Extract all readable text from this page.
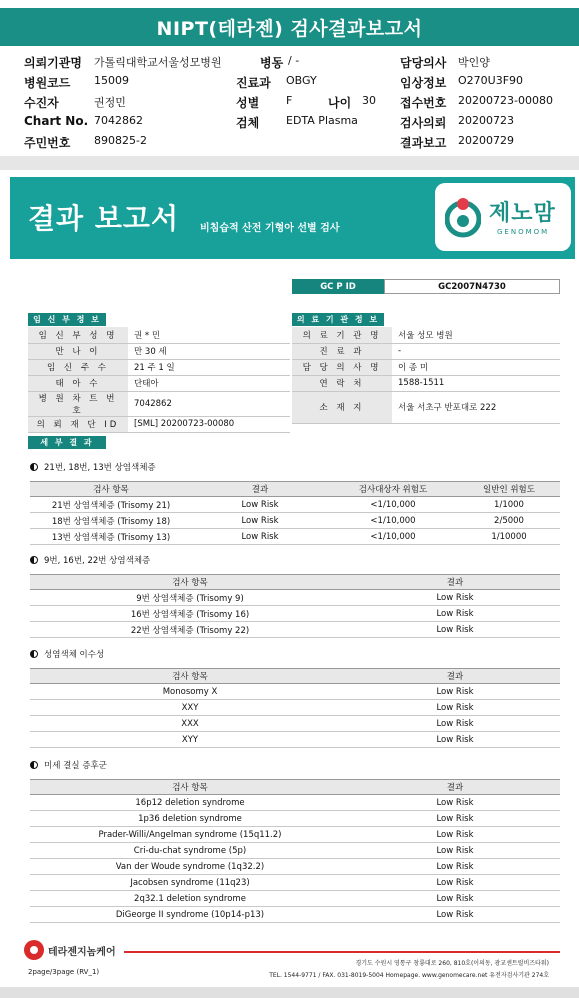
NIPT(테라젠) 검사결과보고서
의뢰기관명 가톨릭대학교서울성모병원	병동 / -	담당의사 박인양
병원코드 15009	진료과 OBGY	임상정보 O270U3F90
수진자	권정민	성별 F	나이 30 접수번호 20200723-00080
Chart No. 7042862	검체 EDTA Plasma	검사의뢰 20200723
주민번호 890825-2	결과보고 20200729
결과 보고서 비침습적 산전 기형아 선별 검사
제노맘
GENOMOM
GC P ID	GC2007N4730
임 신 부 정 보
임 신 부 성 명	권 * 민
만 나 이	만 30 세
임 신 주 수	21 주 1 일
태 아 수	단태아
병 원 차 트 번 호	7042862
의 뢰 재 단 ID	[SML] 20200723-00080
의 료 기 관 정 보
의 료 기 관 명	서울 성모 병원
진 료 과	-
담 당 의 사 명	이 종 미
연 락 처	1588-1511
소 재 지	서울 서초구 반포대로 222
세 부 결 과
21번, 18번, 13번 상염색체증
검사 항목	결과	검사대상자 위험도	일반인 위험도
21번 상염색체증 (Trisomy 21)	Low Risk	<1/10,000	1/1000
18번 상염색체증 (Trisomy 18)	Low Risk	<1/10,000	2/5000
13번 상염색체증 (Trisomy 13)	Low Risk	<1/10,000	1/10000
9번, 16번, 22번 상염색체증
검사 항목	결과
9번 상염색체증 (Trisomy 9)	Low Risk
16번 상염색체증 (Trisomy 16)	Low Risk
22번 상염색체증 (Trisomy 22)	Low Risk
성염색체 이수성
검사 항목	결과
Monosomy X	Low Risk
XXY	Low Risk
XXX	Low Risk
XYY	Low Risk
미세 결실 증후군
검사 항목	결과
16p12 deletion syndrome	Low Risk
1p36 deletion syndrome	Low Risk
Prader-Willi/Angelman syndrome (15q11.2)	Low Risk
Cri-du-chat syndrome (5p)	Low Risk
Van der Woude syndrome (1q32.2)	Low Risk
Jacobsen syndrome (11q23)	Low Risk
2q32.1 deletion syndrome	Low Risk
DiGeorge II syndrome (10p14-p13)	Low Risk
테라젠지놈케어
경기도 수원시 영통구 창룡대로 260, 810호(이의동, 광교센트럴비즈타워)
TEL. 1544-9771 / FAX. 031-8019-5004 Homepage. www.genomecare.net 유전자검사기관 274호
2page/3page (RV_1)
